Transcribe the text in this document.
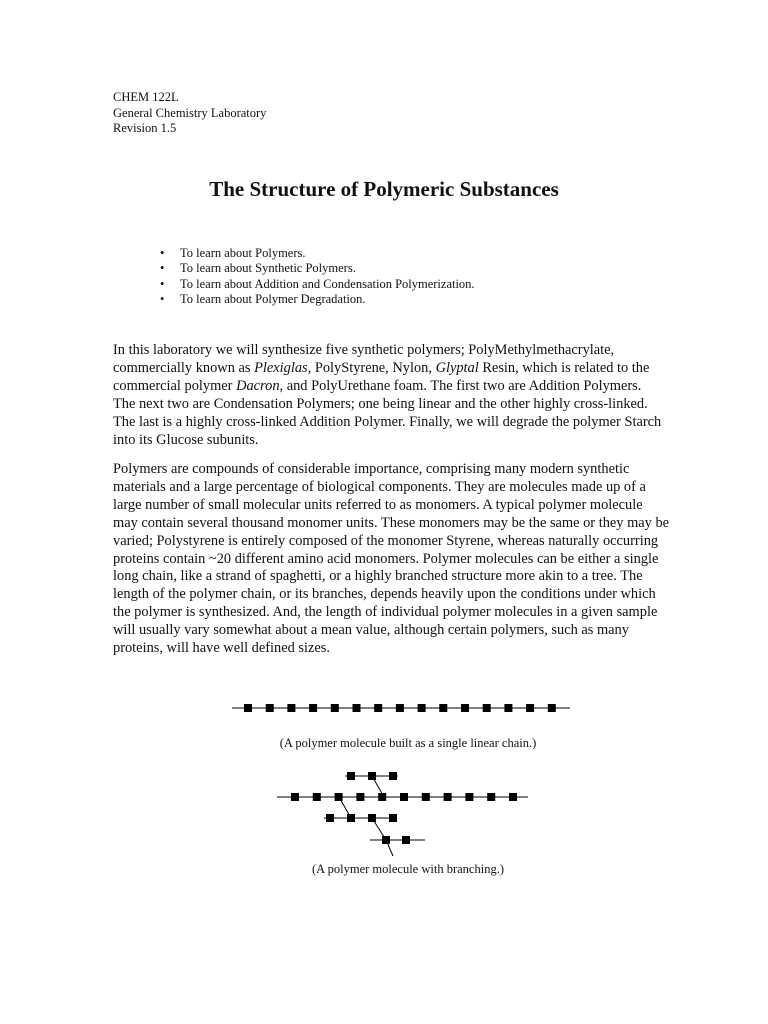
CHEM 122L
General Chemistry Laboratory
Revision 1.5
The Structure of Polymeric Substances
• To learn about Polymers.
• To learn about Synthetic Polymers.
• To learn about Addition and Condensation Polymerization.
• To learn about Polymer Degradation.

In this laboratory we will synthesize five synthetic polymers; PolyMethylmethacrylate,
commercially known as Plexiglas, PolyStyrene, Nylon, Glyptal Resin, which is related to the
commercial polymer Dacron, and PolyUrethane foam. The first two are Addition Polymers.
The next two are Condensation Polymers; one being linear and the other highly cross-linked.
The last is a highly cross-linked Addition Polymer. Finally, we will degrade the polymer Starch
into its Glucose subunits.

Polymers are compounds of considerable importance, comprising many modern synthetic
materials and a large percentage of biological components. They are molecules made up of a
large number of small molecular units referred to as monomers. A typical polymer molecule
may contain several thousand monomer units. These monomers may be the same or they may be
varied; Polystyrene is entirely composed of the monomer Styrene, whereas naturally occurring
proteins contain ~20 different amino acid monomers. Polymer molecules can be either a single
long chain, like a strand of spaghetti, or a highly branched structure more akin to a tree. The
length of the polymer chain, or its branches, depends heavily upon the conditions under which
the polymer is synthesized. And, the length of individual polymer molecules in a given sample
will usually vary somewhat about a mean value, although certain polymers, such as many
proteins, will have well defined sizes.

(A polymer molecule built as a single linear chain.)
(A polymer molecule with branching.)
